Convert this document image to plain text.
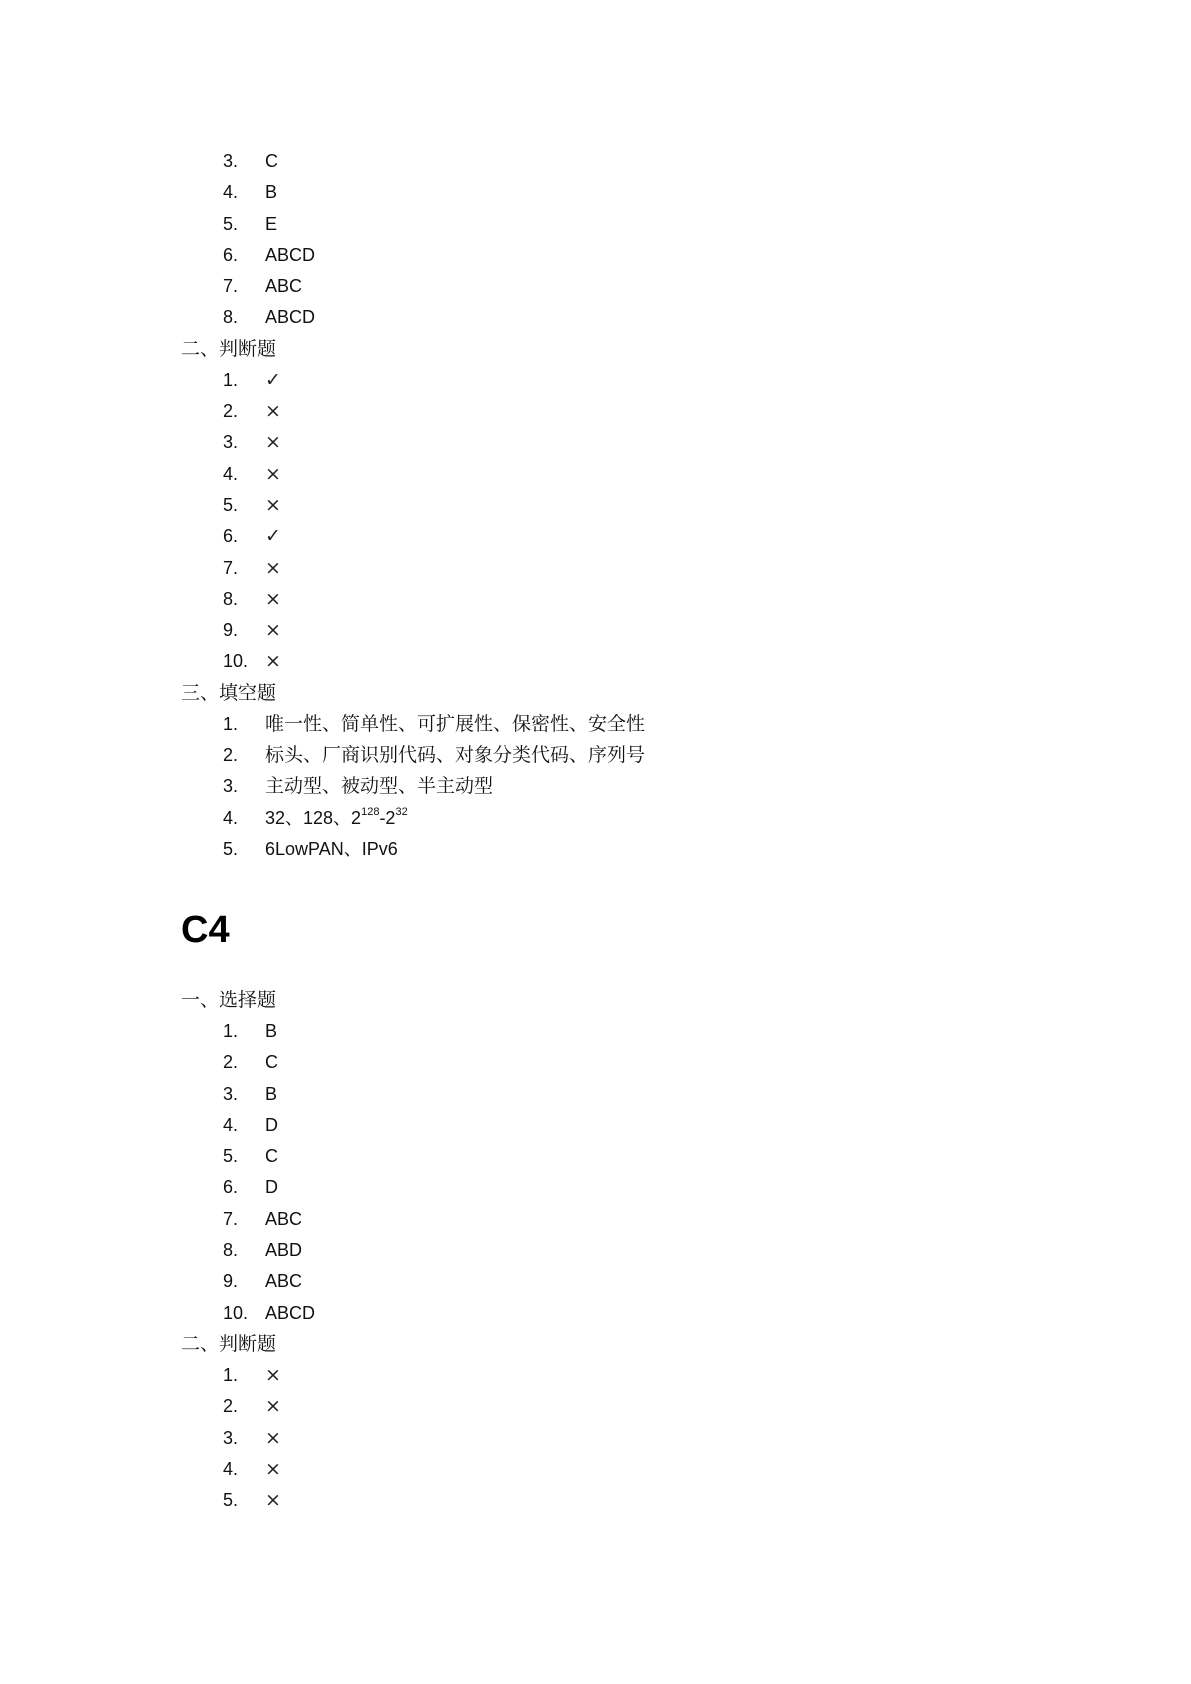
3. C
4. B
5. E
6. ABCD
7. ABC
8. ABCD
二、判断题
1. ✓
2. ×
3. ×
4. ×
5. ×
6. ✓
7. ×
8. ×
9. ×
10. ×
三、填空题
1. 唯一性、简单性、可扩展性、保密性、安全性
2. 标头、厂商识别代码、对象分类代码、序列号
3. 主动型、被动型、半主动型
4. 32、128、$2^{128}-2^{32}$
5. 6LowPAN、IPv6
C4
一、选择题
1. B
2. C
3. B
4. D
5. C
6. D
7. ABC
8. ABD
9. ABC
10. ABCD
二、判断题
1. ×
2. ×
3. ×
4. ×
5. ×
